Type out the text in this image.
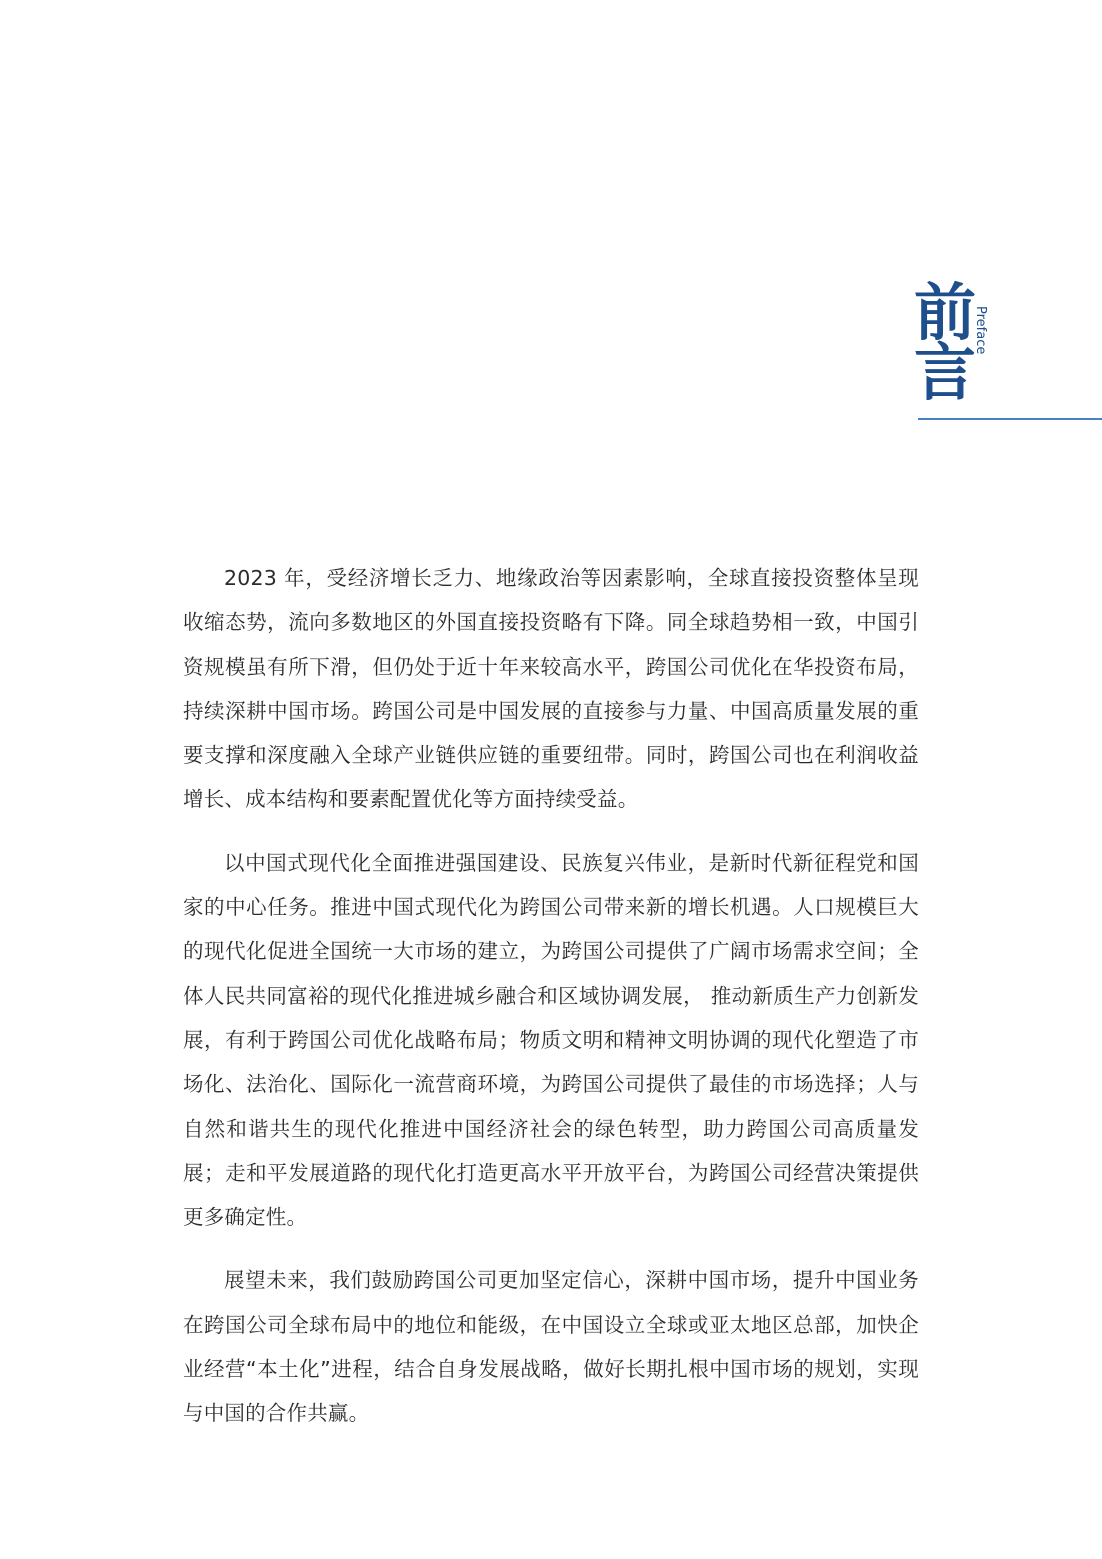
前
言
Preface

2023 年，受经济增长乏力、地缘政治等因素影响，全球直接投资整体呈现收缩态势，流向多数地区的外国直接投资略有下降。同全球趋势相一致，中国引资规模虽有所下滑，但仍处于近十年来较高水平，跨国公司优化在华投资布局，持续深耕中国市场。跨国公司是中国发展的直接参与力量、中国高质量发展的重要支撑和深度融入全球产业链供应链的重要纽带。同时，跨国公司也在利润收益增长、成本结构和要素配置优化等方面持续受益。

以中国式现代化全面推进强国建设、民族复兴伟业，是新时代新征程党和国家的中心任务。推进中国式现代化为跨国公司带来新的增长机遇。人口规模巨大的现代化促进全国统一大市场的建立，为跨国公司提供了广阔市场需求空间；全体人民共同富裕的现代化推进城乡融合和区域协调发展， 推动新质生产力创新发展，有利于跨国公司优化战略布局；物质文明和精神文明协调的现代化塑造了市场化、法治化、国际化一流营商环境，为跨国公司提供了最佳的市场选择；人与自然和谐共生的现代化推进中国经济社会的绿色转型，助力跨国公司高质量发展；走和平发展道路的现代化打造更高水平开放平台，为跨国公司经营决策提供更多确定性。

展望未来，我们鼓励跨国公司更加坚定信心，深耕中国市场，提升中国业务在跨国公司全球布局中的地位和能级，在中国设立全球或亚太地区总部，加快企业经营“本土化”进程，结合自身发展战略，做好长期扎根中国市场的规划，实现与中国的合作共赢。
